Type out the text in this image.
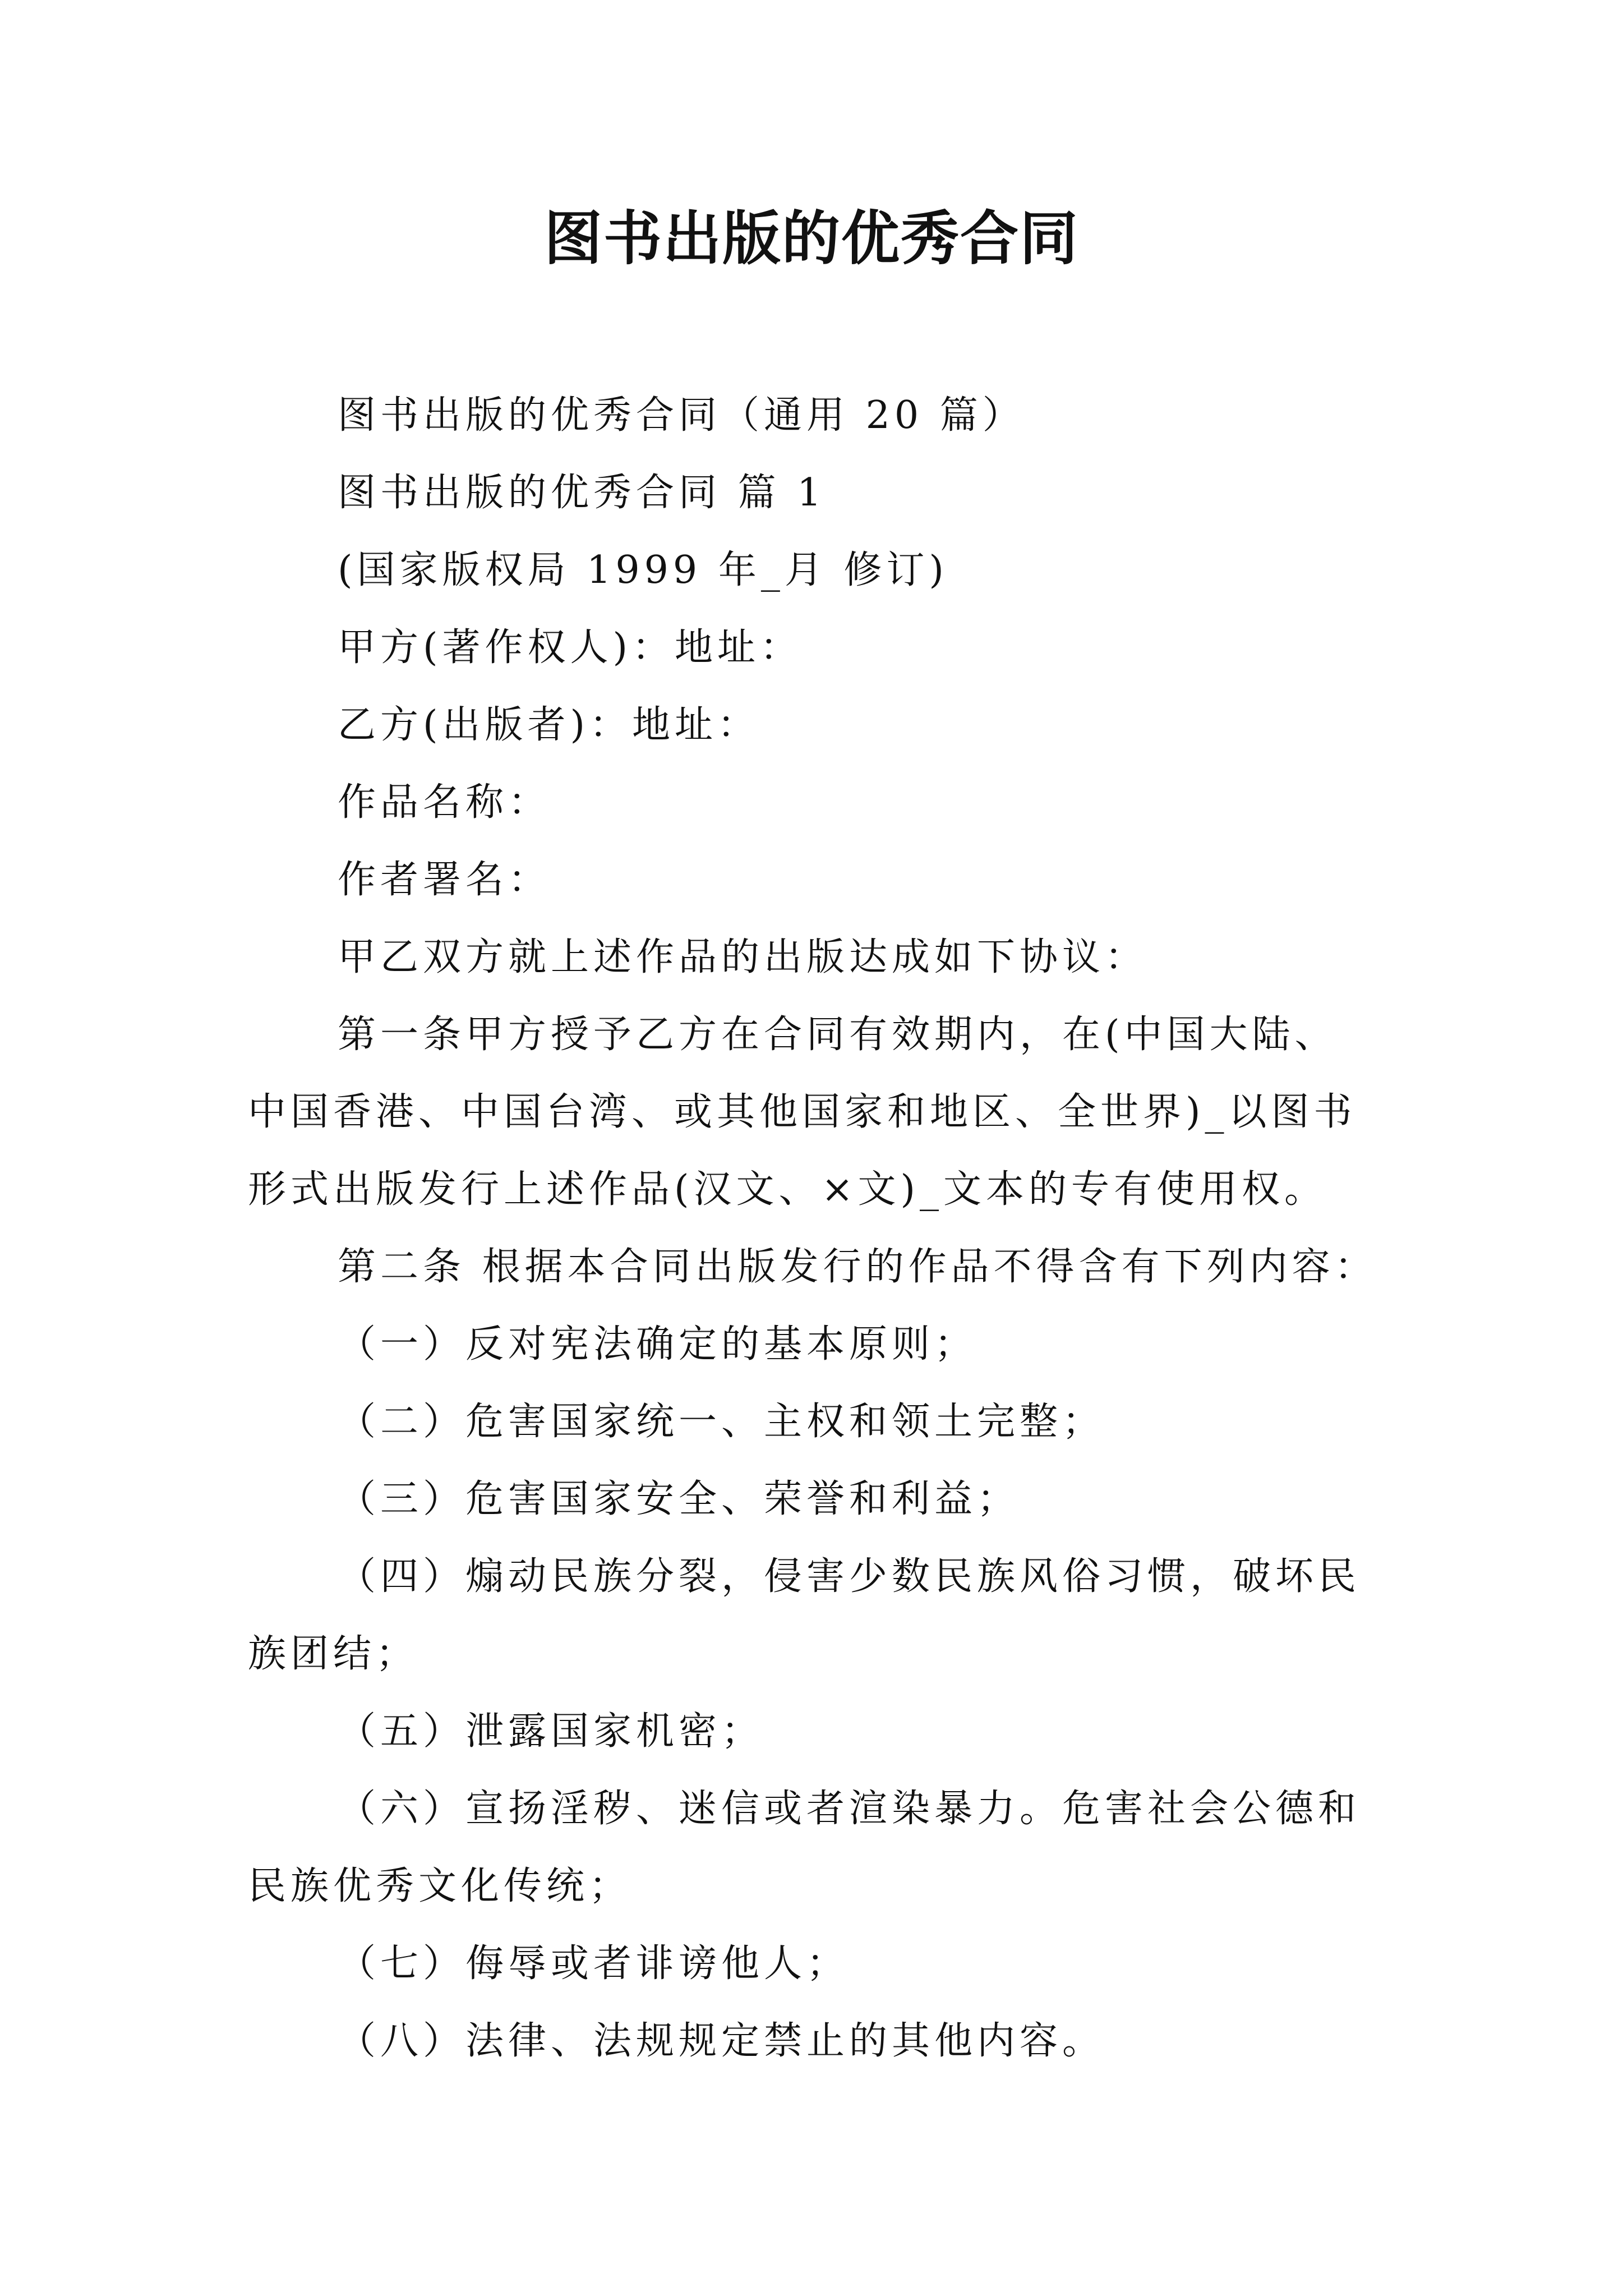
图书出版的优秀合同

图书出版的优秀合同（通用 20 篇）

图书出版的优秀合同 篇 1

(国家版权局 1999 年_月 修订)

甲方(著作权人)：地址：

乙方(出版者)：地址：

作品名称：

作者署名：

甲乙双方就上述作品的出版达成如下协议：

第一条甲方授予乙方在合同有效期内，在(中国大陆、

中国香港、中国台湾、或其他国家和地区、全世界)_以图书

形式出版发行上述作品(汉文、×文)_文本的专有使用权。

第二条 根据本合同出版发行的作品不得含有下列内容：

（一）反对宪法确定的基本原则；

（二）危害国家统一、主权和领土完整；

（三）危害国家安全、荣誉和利益；

（四）煽动民族分裂，侵害少数民族风俗习惯，破坏民

族团结；

（五）泄露国家机密；

（六）宣扬淫秽、迷信或者渲染暴力。危害社会公德和

民族优秀文化传统；

（七）侮辱或者诽谤他人；

（八）法律、法规规定禁止的其他内容。
